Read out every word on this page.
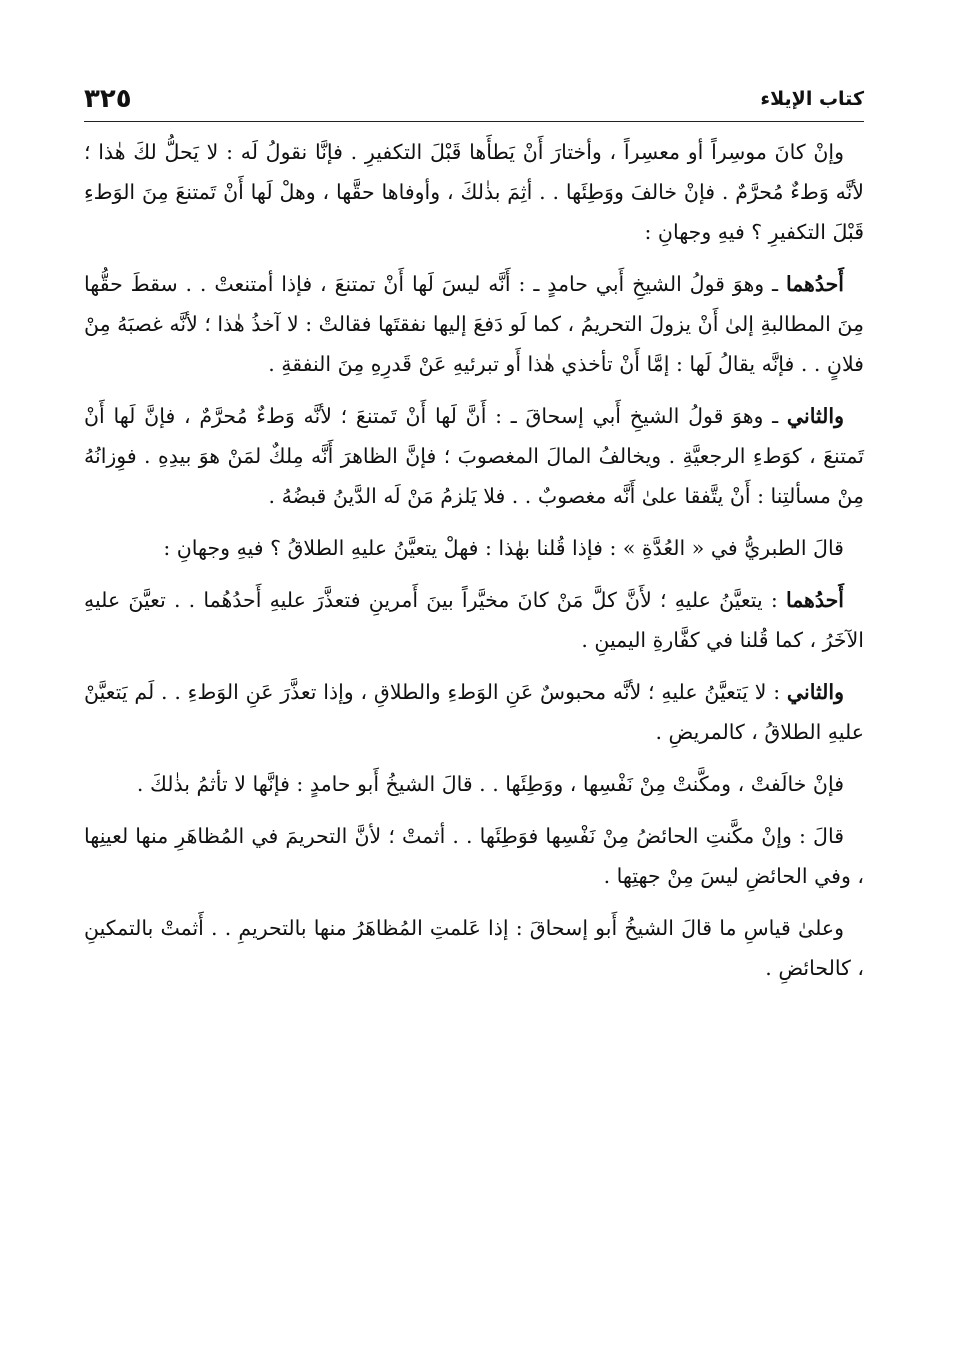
كتاب الإيلاء
٣٢٥

وإنْ كانَ موسِراً أو معسِراً ، وأختارَ أَنْ يَطأَها قَبْلَ التكفيرِ . فإنَّا نقولُ لَه : لا يَحلُّ لكَ هٰذا ؛ لأنَّه وَطءٌ مُحرَّمٌ . فإنْ خالفَ ووَطِئَها . . أثِمَ بذٰلكَ ، وأوفاها حقَّها ، وهلْ لَها أَنْ تَمتنعَ مِنَ الوَطءِ قَبْلَ التكفيرِ ؟ فيهِ وجهانِ :

أَحدُهما ـ وهوَ قولُ الشيخِ أَبي حامدٍ ـ : أَنَّه ليسَ لَها أَنْ تمتنعَ ، فإذا أمتنعتْ . . سقطَ حقُّها مِنَ المطالبةِ إلىٰ أَنْ يزولَ التحريمُ ، كما لَو دَفعَ إليها نفقتَها فقالتْ : لا آخذُ هٰذا ؛ لأنَّه غصبَهُ مِنْ فلانٍ . . فإنَّه يقالُ لَها : إمَّا أَنْ تأخذي هٰذا أَو تبرئيهِ عَنْ قَدرِهِ مِنَ النفقةِ .

والثاني ـ وهوَ قولُ الشيخِ أَبي إسحاقَ ـ : أَنَّ لَها أَنْ تَمتنعَ ؛ لأنَّه وَطءٌ مُحرَّمٌ ، فإنَّ لَها أَنْ تَمتنعَ ، كوَطءِ الرجعيَّةِ . ويخالفُ المالَ المغصوبَ ؛ فإنَّ الظاهرَ أَنَّه مِلكٌ لمَنْ هوَ بيدِهِ . فوِزانُهُ مِنْ مسألتِنا : أَنْ يتَّفقا علىٰ أَنَّه مغصوبٌ . . فلا يَلزمُ مَنْ لَه الدَّينُ قبضُهُ .

قالَ الطبريُّ في « العُدَّةِ » : فإذا قُلنا بهٰذا : فهلْ يتعيَّنُ عليهِ الطلاقُ ؟ فيهِ وجهانِ :

أَحدُهما : يتعيَّنُ عليهِ ؛ لأَنَّ كلَّ مَنْ كانَ مخيَّراً بينَ أَمرينِ فتعذَّرَ عليهِ أَحدُهُما . . تعيَّنَ عليهِ الآخَرُ ، كما قُلنا في كفَّارةِ اليمينِ .

والثاني : لا يَتعيَّنُ عليهِ ؛ لأنَّه محبوسٌ عَنِ الوَطءِ والطلاقِ ، وإذا تعذَّرَ عَنِ الوَطءِ . . لَم يَتعيَّنْ عليهِ الطلاقُ ، كالمريضِ .

فإنْ خالَفتْ ، ومكَّنتْ مِنْ نَفْسِها ، ووَطِئَها . . قالَ الشيخُ أَبو حامدٍ : فإنَّها لا تأثمُ بذٰلكَ .

قالَ : وإنْ مكَّنتِ الحائضُ مِنْ نَفْسِها فوَطِئَها . . أثمتْ ؛ لأنَّ التحريمَ في المُظاهَرِ منها لعينِها ، وفي الحائضِ ليسَ مِنْ جهتِها .

وعلىٰ قياسِ ما قالَ الشيخُ أَبو إسحاقَ : إذا عَلمتِ المُظاهَرُ منها بالتحريمِ . . أَثمتْ بالتمكينِ ، كالحائضِ .
